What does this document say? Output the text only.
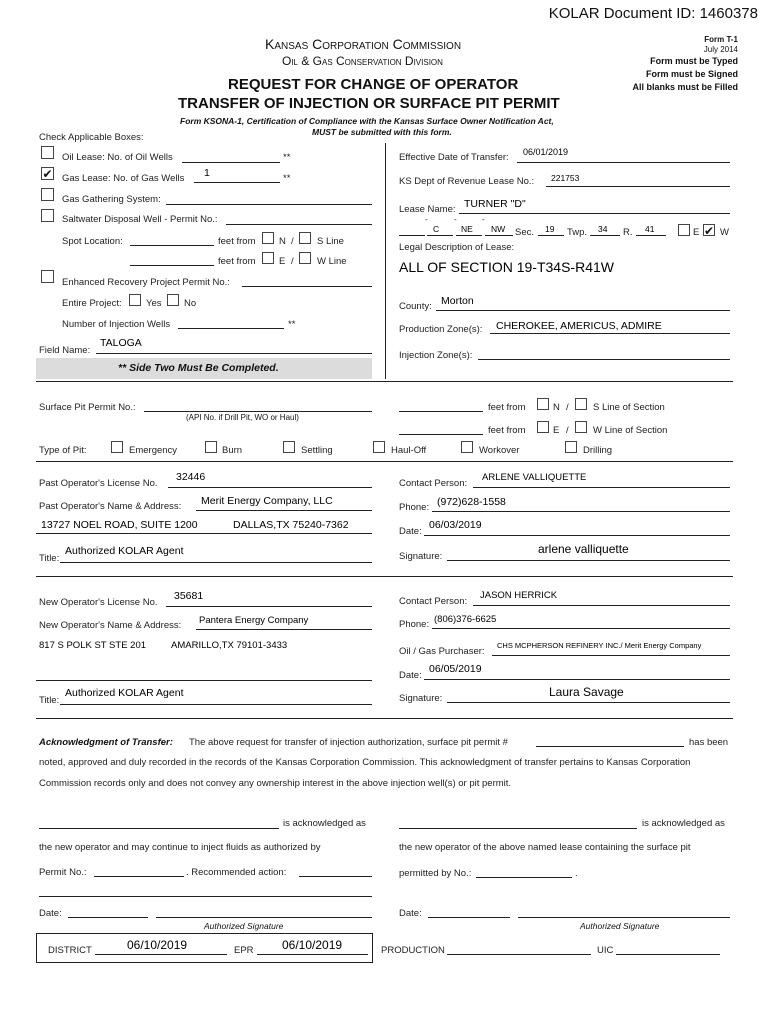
KOLAR Document ID: 1460378
Kansas Corporation Commission
Oil & Gas Conservation Division
Form T-1
July 2014
Form must be Typed
Form must be Signed
All blanks must be Filled
REQUEST FOR CHANGE OF OPERATOR
TRANSFER OF INJECTION OR SURFACE PIT PERMIT
Form KSONA-1, Certification of Compliance with the Kansas Surface Owner Notification Act,
MUST be submitted with this form.
Check Applicable Boxes:
Oil Lease: No. of Oil Wells	**
✔ Gas Lease: No. of Gas Wells 1	**
Gas Gathering System:
Saltwater Disposal Well - Permit No.:
Spot Location:	feet from N / S Line
feet from E / W Line
Enhanced Recovery Project Permit No.:
Entire Project:	Yes No
Number of Injection Wells	**
Field Name:
TALOGA
** Side Two Must Be Completed.
Effective Date of Transfer: 06/01/2019
KS Dept of Revenue Lease No.: 221753
Lease Name: TURNER "D"
-	-	-
C	NE NW Sec. 19 Twp. 34 R. 41	E ✔ W
Legal Description of Lease:
ALL OF SECTION 19-T34S-R41W
County: Morton
Production Zone(s): CHEROKEE, AMERICUS, ADMIRE
Injection Zone(s):
Surface Pit Permit No.:
(API No. if Drill Pit, WO or Haul)
feet from	N /	S Line of Section
feet from	E /	W Line of Section
Type of Pit:	Emergency	Burn	Settling	Haul-Off	Workover	Drilling
Past Operator's License No.
32446
Past Operator's Name & Address: Merit Energy Company, LLC
13727 NOEL ROAD, SUITE 1200	DALLAS,TX 75240-7362
Title:
Authorized KOLAR Agent
Contact Person:
ARLENE VALLIQUETTE
Phone: (972)628-1558
Date:
06/03/2019
Signature:
arlene valliquette
New Operator's License No.
35681
New Operator's Name & Address: Pantera Energy Company
817 S POLK ST STE 201	AMARILLO,TX 79101-3433
Title:
Authorized KOLAR Agent
Contact Person:
JASON HERRICK
Phone: (806)376-6625
Oil / Gas Purchaser:
CHS MCPHERSON REFINERY INC./ Merit Energy Company
Date:
06/05/2019
Signature:	Laura Savage
Acknowledgment of Transfer: The above request for transfer of injection authorization, surface pit permit #	has been
noted, approved and duly recorded in the records of the Kansas Corporation Commission. This acknowledgment of transfer pertains to Kansas Corporation
Commission records only and does not convey any ownership interest in the above injection well(s) or pit permit.
is acknowledged as
the new operator and may continue to inject fluids as authorized by
Permit No.:	. Recommended action:
Date:
Authorized Signature
is acknowledged as
the new operator of the above named lease containing the surface pit
permitted by No.:	.
Date:
Authorized Signature
DISTRICT	06/10/2019	EPR 06/10/2019	PRODUCTION	UIC
